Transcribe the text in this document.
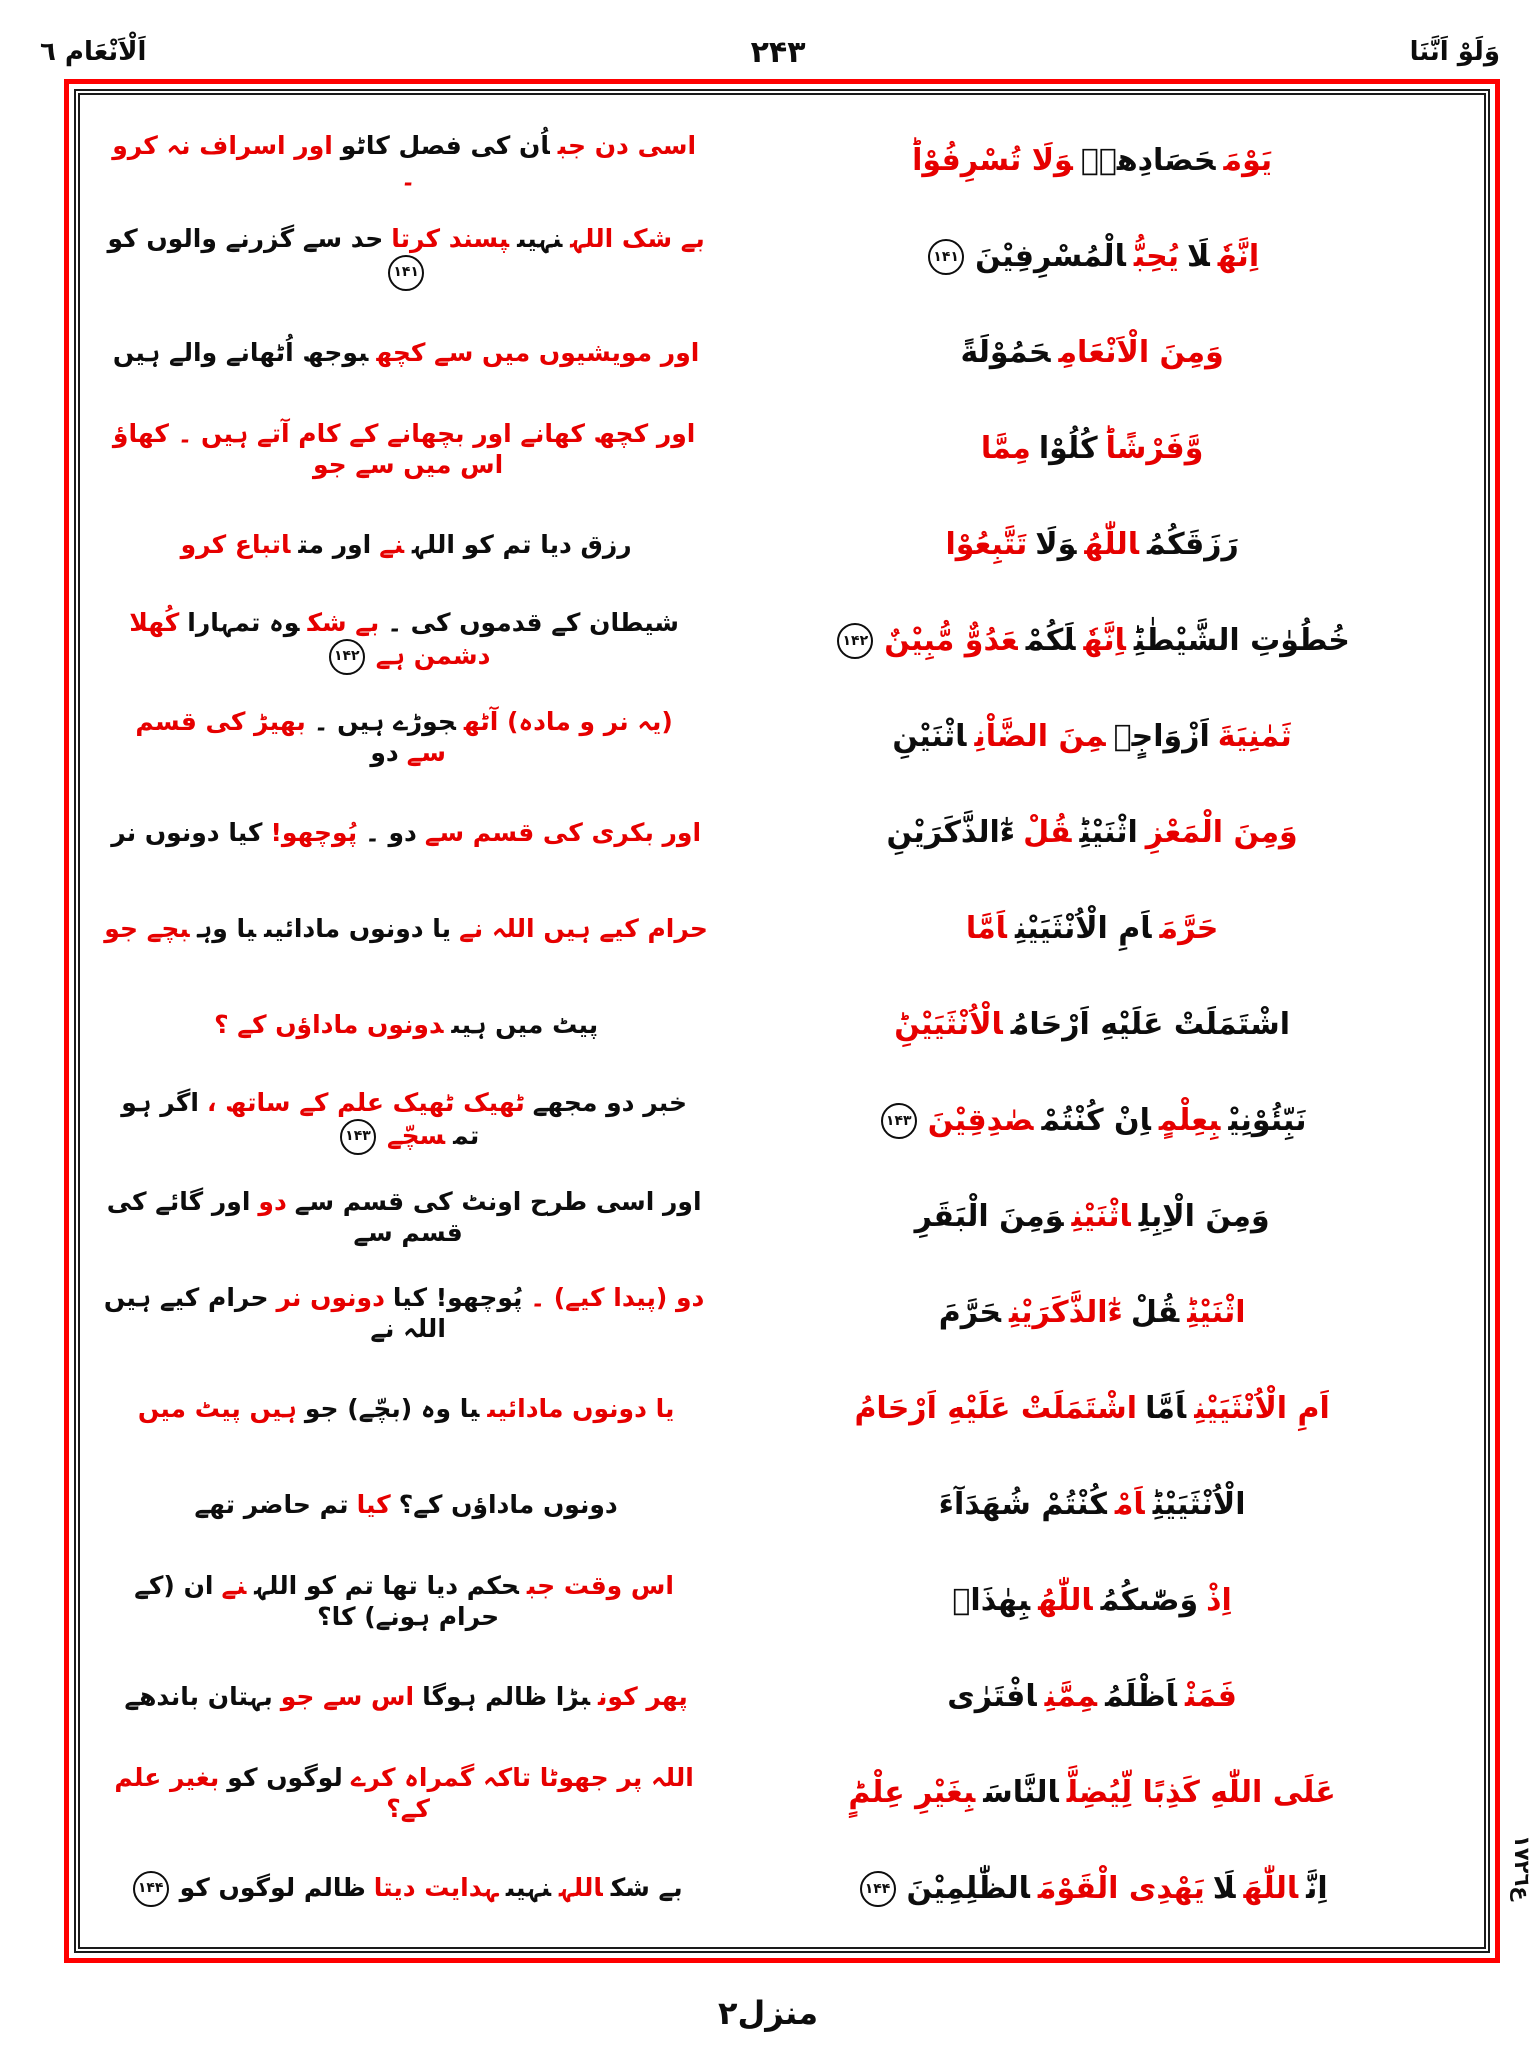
اَلْاَنْعَام ٦	۲۴۳	وَلَوْ اَنَّنَا
اسی دن جباُن کی فصل کاٹواور اسراف نہ کرو ۔	يَوْمَحَصَادِهٖۚوَلَا تُسْرِفُوْاؕ
بے شک اللہنہیںپسند کرتاحد سے گزرنے والوں کو۱۴۱	اِنَّهٗلَايُحِبُّالْمُسْرِفِيْنَ۱۴۱
اور مویشیوں میں سے کچھبوجھ اُٹھانے والے ہیں	وَمِنَ الْاَنْعَامِحَمُوْلَةً
اور کچھ کھانے اور بچھانے کے کام آتے ہیں ۔ کھاؤ اس میں سے جو	وَّفَرْشًاؕكُلُوْامِمَّا
رزق دیا تم کو اللہنےاور متاتباع کرو	رَزَقَكُمُاللّٰهُوَلَاتَتَّبِعُوْا
شیطان کے قدموں کی ۔بے شکوہ تمہاراکُھلا دشمن ہے۱۴۲	خُطُوٰتِ الشَّيْطٰنِؕاِنَّهٗلَكُمْعَدُوٌّ مُّبِيْنٌ۱۴۲
(یہ نر و مادہ) آٹھجوڑے ہیں ۔بھیڑ کی قسم سےدو	ثَمٰنِيَةَاَزْوَاجٍۚمِنَ الضَّاْنِاثْنَيْنِ
اور بکری کی قسم سےدو ۔پُوچھو!کیا دونوں نر	وَمِنَ الْمَعْزِاثْنَيْنِؕقُلْءٰٓالذَّكَرَيْنِ
حرام کیے ہیں اللہ نےیا دونوں مادائیںیا وہبچے جو	حَرَّمَاَمِ الْاُنْثَيَيْنِاَمَّا
پیٹ میں ہیںدونوں ماداؤں کے ؟	اشْتَمَلَتْ عَلَيْهِ اَرْحَامُالْاُنْثَيَيْنِؕ
خبر دو مجھےٹھیک ٹھیک علم کے ساتھ ،اگر ہو تمسچّے۱۴۳	نَبِّئُوْنِيْبِعِلْمٍاِنْ كُنْتُمْصٰدِقِيْنَ۱۴۳
اور اسی طرح اونٹ کی قسم سےدواور گائے کی قسم سے	وَمِنَ الْاِبِلِاثْنَيْنِوَمِنَ الْبَقَرِ
دو (پیدا کیے) ۔پُوچھو! کیادونوں نرحرام کیے ہیں اللہ نے	اثْنَيْنِؕقُلْءٰٓالذَّكَرَيْنِحَرَّمَ
یا دونوں مادائیںیا وہ (بچّے) جوہیں پیٹ میں	اَمِ الْاُنْثَيَيْنِاَمَّااشْتَمَلَتْ عَلَيْهِ اَرْحَامُ
دونوں ماداؤں کے؟کیاتم حاضر تھے	الْاُنْثَيَيْنِؕاَمْكُنْتُمْ شُهَدَآءَ
اس وقت جبحکم دیا تھا تم کو اللہنےان (کے حرام ہونے) کا؟	اِذْوَصّٰىكُمُاللّٰهُبِهٰذَاۚ
پھر کونبڑا ظالم ہوگااس سے جوبہتان باندھے	فَمَنْاَظْلَمُمِمَّنِافْتَرٰى
اللہ پر جھوٹا تاکہ گمراہ کرےلوگوں کوبغیر علم کے؟	عَلَى اللّٰهِ كَذِبًا لِّيُضِلَّالنَّاسَبِغَيْرِ عِلْمٍؕ
بے شکاللہنہیںہدایت دیتاظالم لوگوں کو۱۴۴	اِنَّاللّٰهَلَايَهْدِى الْقَوْمَالظّٰلِمِيْنَ۱۴۴
۱۷ع۲٦
منزل۲
